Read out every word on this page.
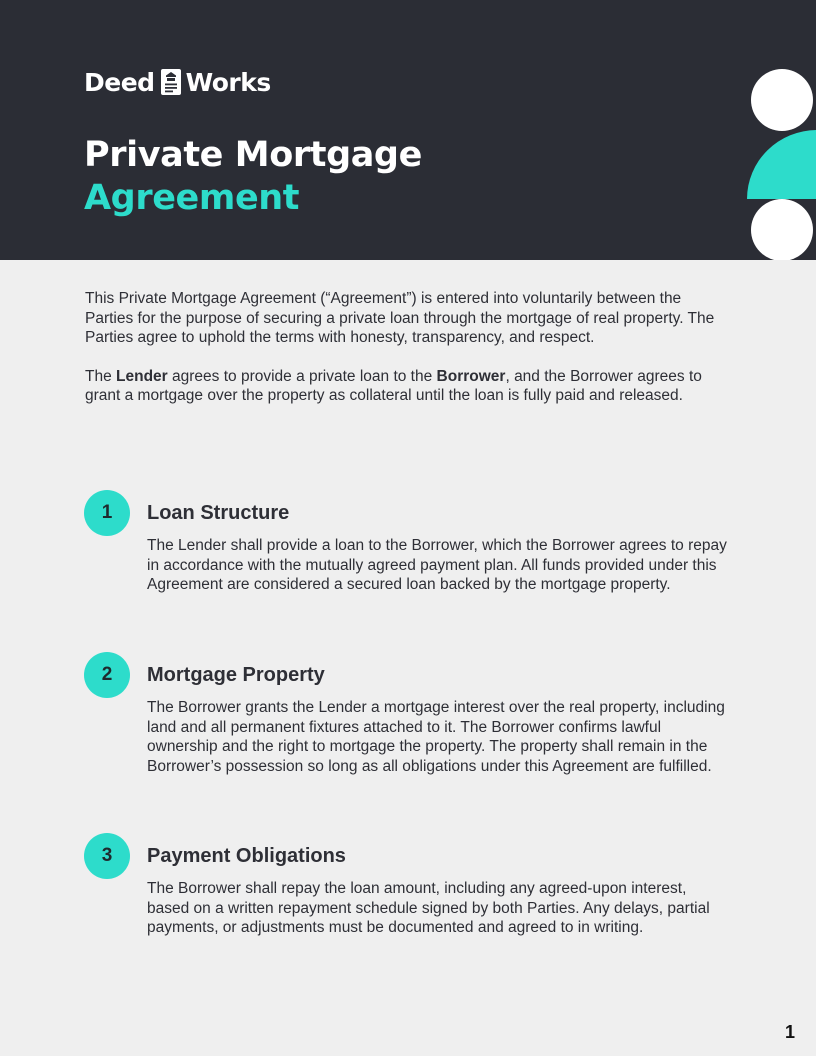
Deed Works
Private Mortgage
Agreement

This Private Mortgage Agreement (“Agreement”) is entered into voluntarily between the Parties for the purpose of securing a private loan through the mortgage of real property. The Parties agree to uphold the terms with honesty, transparency, and respect.

The Lender agrees to provide a private loan to the Borrower, and the Borrower agrees to grant a mortgage over the property as collateral until the loan is fully paid and released.

1	Loan Structure

The Lender shall provide a loan to the Borrower, which the Borrower agrees to repay in accordance with the mutually agreed payment plan. All funds provided under this Agreement are considered a secured loan backed by the mortgage property.

2	Mortgage Property

The Borrower grants the Lender a mortgage interest over the real property, including land and all permanent fixtures attached to it. The Borrower confirms lawful ownership and the right to mortgage the property. The property shall remain in the Borrower’s possession so long as all obligations under this Agreement are fulfilled.

3	Payment Obligations

The Borrower shall repay the loan amount, including any agreed-upon interest, based on a written repayment schedule signed by both Parties. Any delays, partial payments, or adjustments must be documented and agreed to in writing.

1
